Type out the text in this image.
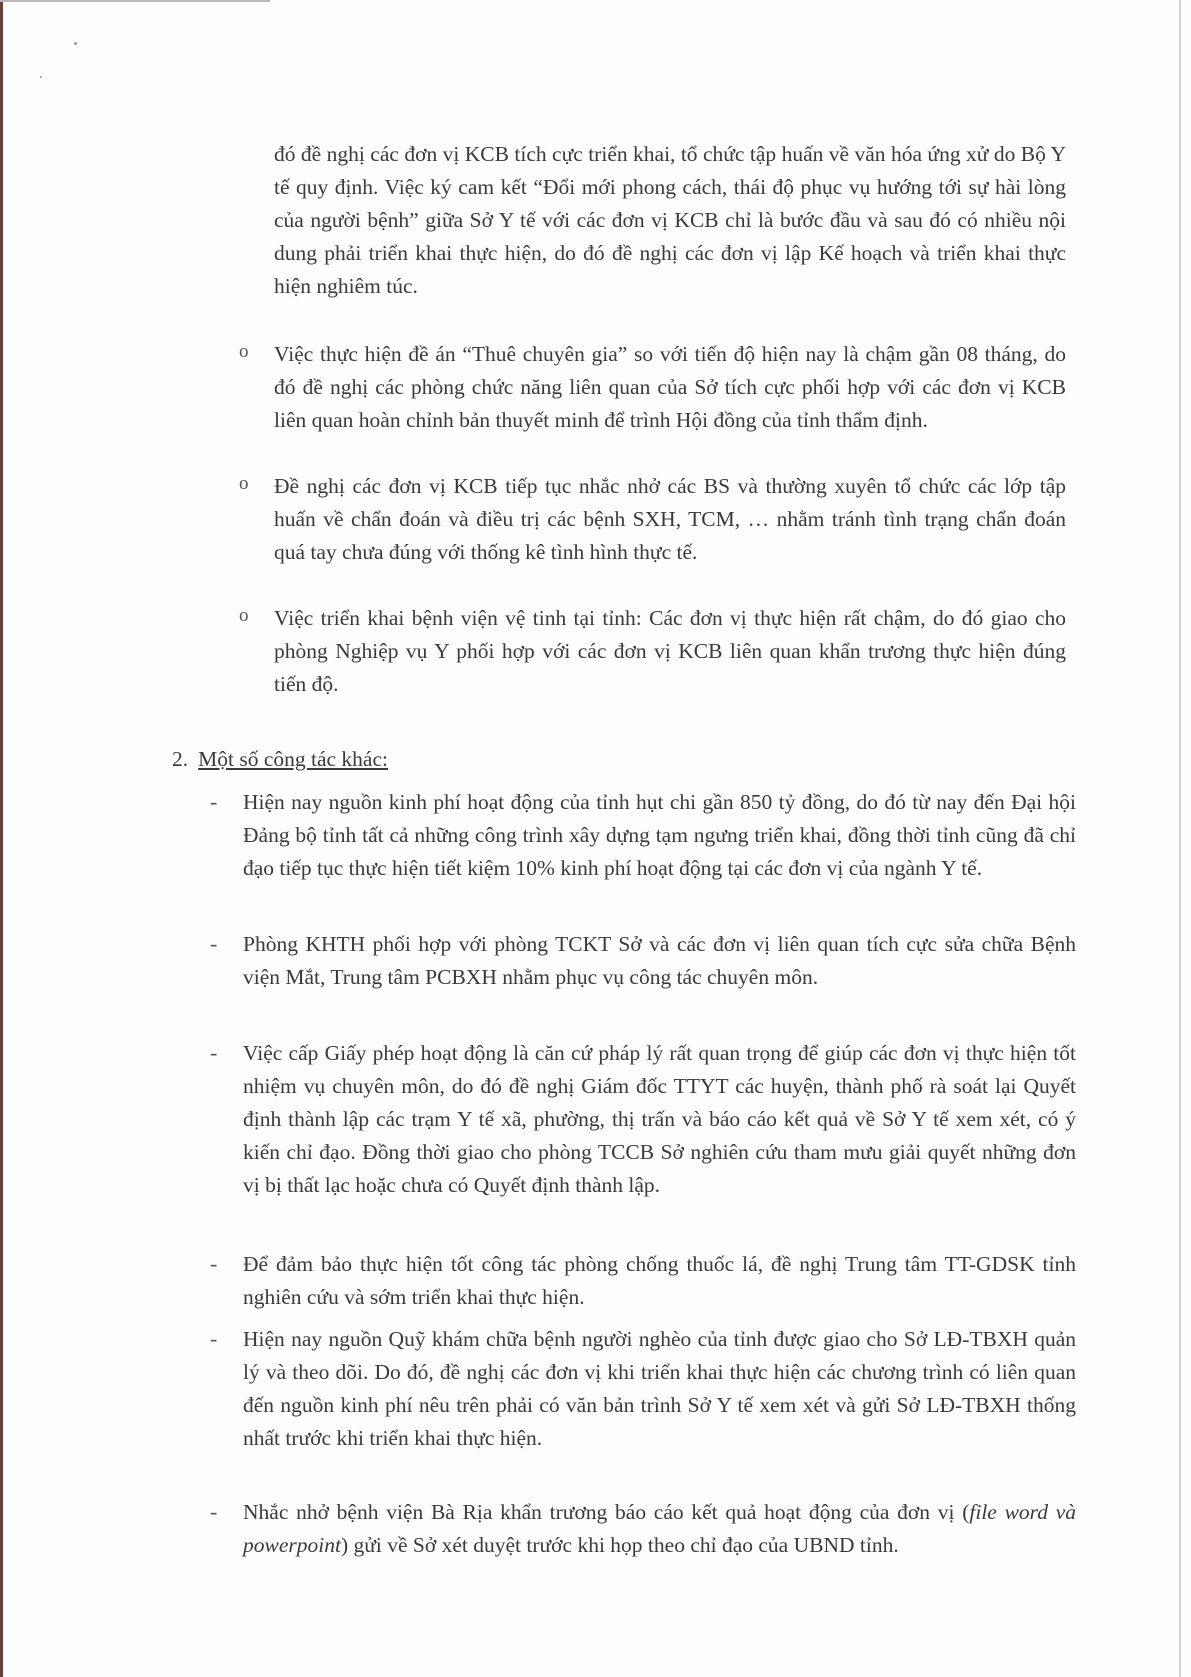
đó đề nghị các đơn vị KCB tích cực triển khai, tổ chức tập huấn về văn hóa ứng xử do Bộ Y tế quy định. Việc ký cam kết “Đổi mới phong cách, thái độ phục vụ hướng tới sự hài lòng của người bệnh” giữa Sở Y tế với các đơn vị KCB chỉ là bước đầu và sau đó có nhiều nội dung phải triển khai thực hiện, do đó đề nghị các đơn vị lập Kế hoạch và triển khai thực hiện nghiêm túc.

o Việc thực hiện đề án “Thuê chuyên gia” so với tiến độ hiện nay là chậm gần 08 tháng, do đó đề nghị các phòng chức năng liên quan của Sở tích cực phối hợp với các đơn vị KCB liên quan hoàn chỉnh bản thuyết minh để trình Hội đồng của tỉnh thẩm định.

o Đề nghị các đơn vị KCB tiếp tục nhắc nhở các BS và thường xuyên tổ chức các lớp tập huấn về chẩn đoán và điều trị các bệnh SXH, TCM, … nhằm tránh tình trạng chẩn đoán quá tay chưa đúng với thống kê tình hình thực tế.

o Việc triển khai bệnh viện vệ tinh tại tỉnh: Các đơn vị thực hiện rất chậm, do đó giao cho phòng Nghiệp vụ Y phối hợp với các đơn vị KCB liên quan khẩn trương thực hiện đúng tiến độ.

2. Một số công tác khác:
- Hiện nay nguồn kinh phí hoạt động của tỉnh hụt chi gần 850 tỷ đồng, do đó từ nay đến Đại hội Đảng bộ tỉnh tất cả những công trình xây dựng tạm ngưng triển khai, đồng thời tỉnh cũng đã chỉ đạo tiếp tục thực hiện tiết kiệm 10% kinh phí hoạt động tại các đơn vị của ngành Y tế.

- Phòng KHTH phối hợp với phòng TCKT Sở và các đơn vị liên quan tích cực sửa chữa Bệnh viện Mắt, Trung tâm PCBXH nhằm phục vụ công tác chuyên môn.

- Việc cấp Giấy phép hoạt động là căn cứ pháp lý rất quan trọng để giúp các đơn vị thực hiện tốt nhiệm vụ chuyên môn, do đó đề nghị Giám đốc TTYT các huyện, thành phố rà soát lại Quyết định thành lập các trạm Y tế xã, phường, thị trấn và báo cáo kết quả về Sở Y tế xem xét, có ý kiến chỉ đạo. Đồng thời giao cho phòng TCCB Sở nghiên cứu tham mưu giải quyết những đơn vị bị thất lạc hoặc chưa có Quyết định thành lập.

- Để đảm bảo thực hiện tốt công tác phòng chống thuốc lá, đề nghị Trung tâm TT-GDSK tỉnh nghiên cứu và sớm triển khai thực hiện.

- Hiện nay nguồn Quỹ khám chữa bệnh người nghèo của tỉnh được giao cho Sở LĐ-TBXH quản lý và theo dõi. Do đó, đề nghị các đơn vị khi triển khai thực hiện các chương trình có liên quan đến nguồn kinh phí nêu trên phải có văn bản trình Sở Y tế xem xét và gửi Sở LĐ-TBXH thống nhất trước khi triển khai thực hiện.

- Nhắc nhở bệnh viện Bà Rịa khẩn trương báo cáo kết quả hoạt động của đơn vị (file word và powerpoint) gửi về Sở xét duyệt trước khi họp theo chỉ đạo của UBND tỉnh.
